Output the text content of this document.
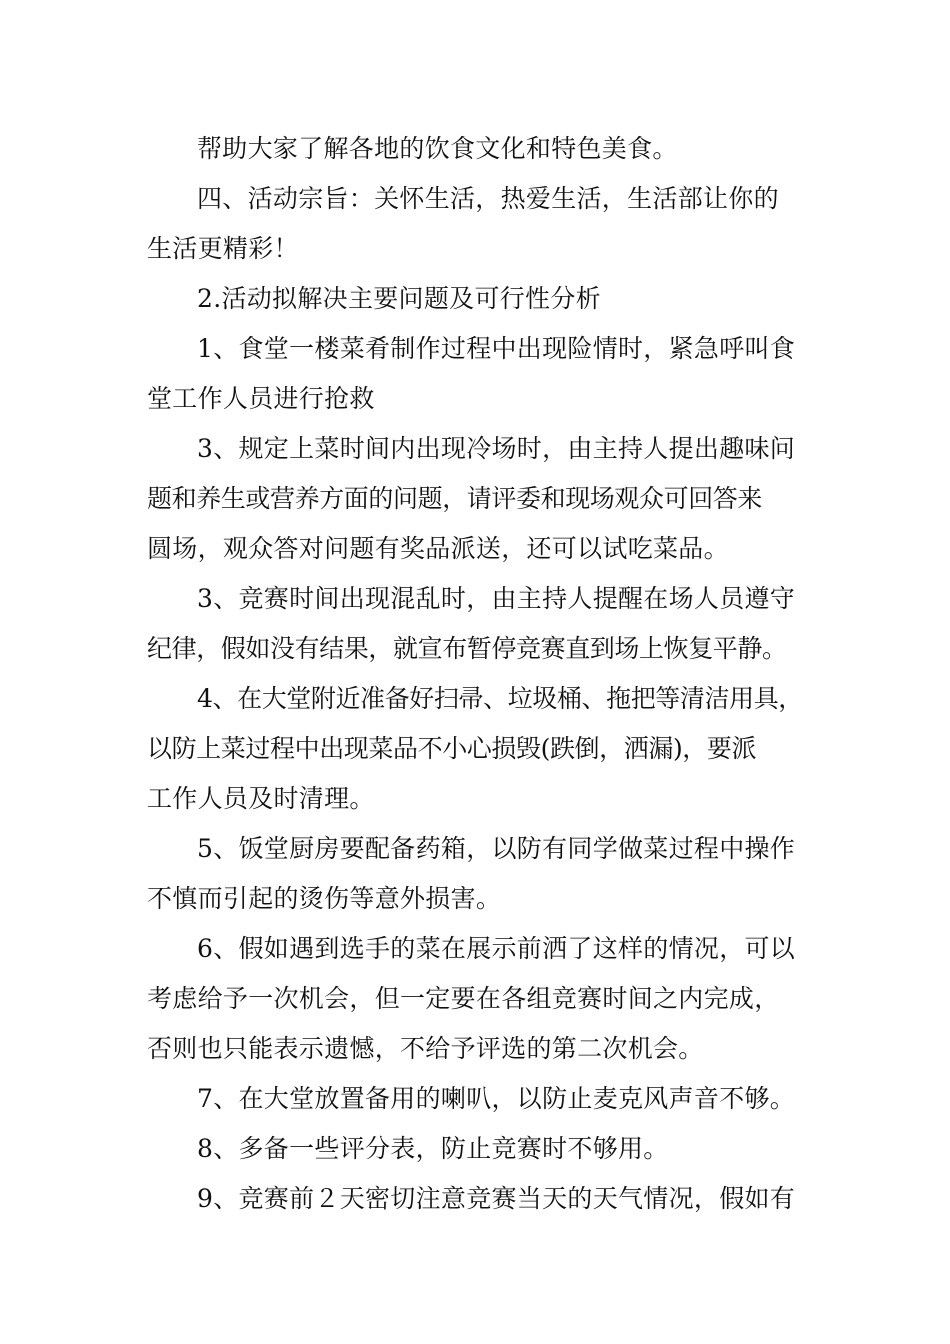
帮助大家了解各地的饮食文化和特色美食。
四、活动宗旨：关怀生活，热爱生活，生活部让你的
生活更精彩！
2.活动拟解决主要问题及可行性分析
1、食堂一楼菜肴制作过程中出现险情时，紧急呼叫食
堂工作人员进行抢救
3、规定上菜时间内出现冷场时，由主持人提出趣味问
题和养生或营养方面的问题，请评委和现场观众可回答来
圆场，观众答对问题有奖品派送，还可以试吃菜品。
3、竞赛时间出现混乱时，由主持人提醒在场人员遵守
纪律，假如没有结果，就宣布暂停竞赛直到场上恢复平静。
4、在大堂附近准备好扫帚、垃圾桶、拖把等清洁用具，
以防上菜过程中出现菜品不小心损毁(跌倒，洒漏)，要派
工作人员及时清理。
5、饭堂厨房要配备药箱，以防有同学做菜过程中操作
不慎而引起的烫伤等意外损害。
6、假如遇到选手的菜在展示前洒了这样的情况，可以
考虑给予一次机会，但一定要在各组竞赛时间之内完成，
否则也只能表示遗憾，不给予评选的第二次机会。
7、在大堂放置备用的喇叭，以防止麦克风声音不够。
8、多备一些评分表，防止竞赛时不够用。
9、竞赛前２天密切注意竞赛当天的天气情况，假如有
